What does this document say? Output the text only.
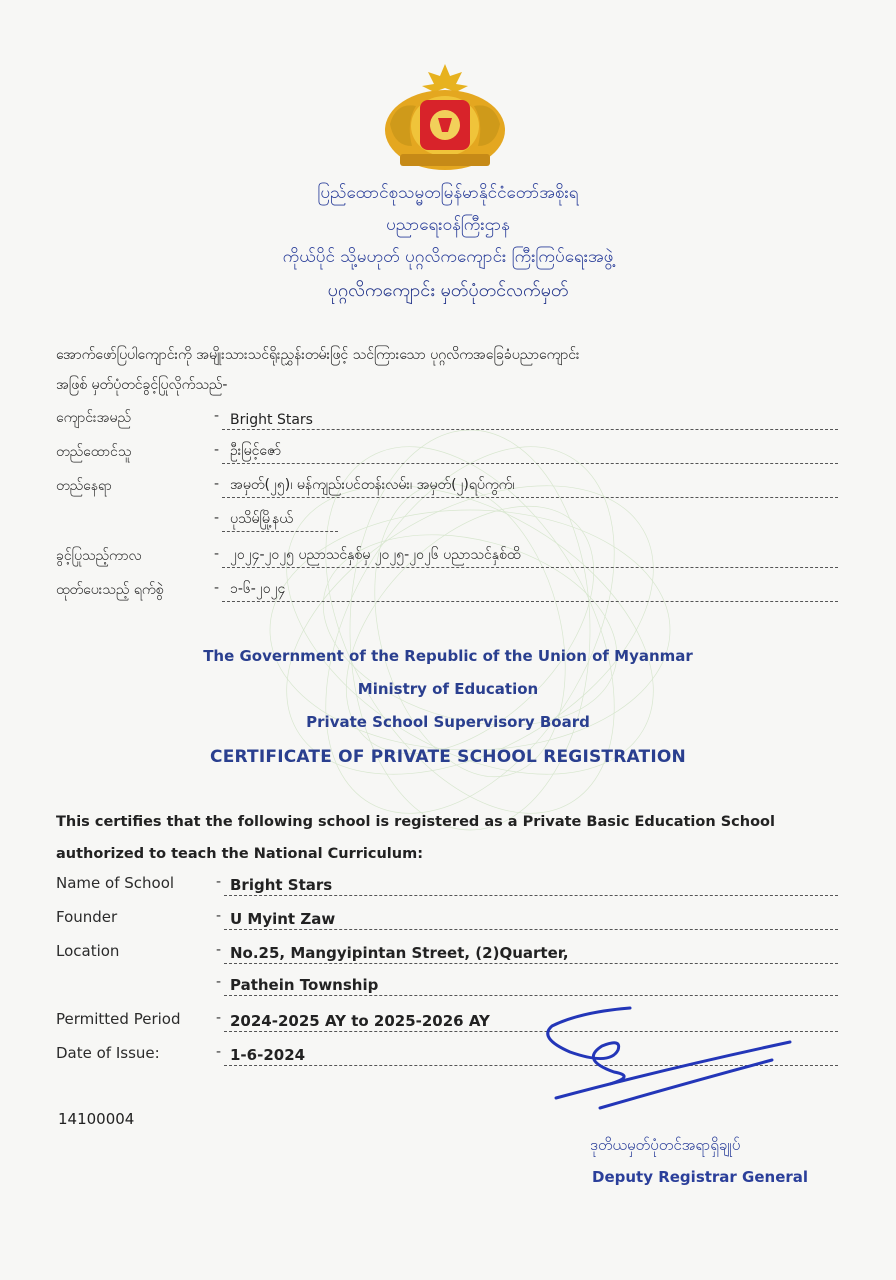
ပြည်ထောင်စုသမ္မတမြန်မာနိုင်ငံတော်အစိုးရ
ပညာရေးဝန်ကြီးဌာန
ကိုယ်ပိုင် သို့မဟုတ် ပုဂ္ဂလိကကျောင်း ကြီးကြပ်ရေးအဖွဲ့
ပုဂ္ဂလိကကျောင်း မှတ်ပုံတင်လက်မှတ်
အောက်ဖော်ပြပါကျောင်းကို အမျိုးသားသင်ရိုးညွှန်းတမ်းဖြင့် သင်ကြားသော ပုဂ္ဂလိကအခြေခံပညာကျောင်း
အဖြစ် မှတ်ပုံတင်ခွင့်ပြုလိုက်သည်-
ကျောင်းအမည်	- Bright Stars
တည်ထောင်သူ	- ဦးမြင့်ဇော်
တည်နေရာ	- အမှတ်(၂၅)၊ မန်ကျည်းပင်တန်းလမ်း၊ အမှတ်(၂)ရပ်ကွက်၊
- ပုသိမ်မြို့နယ်
ခွင့်ပြုသည့်ကာလ	- ၂၀၂၄-၂၀၂၅ ပညာသင်နှစ်မှ ၂၀၂၅-၂၀၂၆ ပညာသင်နှစ်ထိ
ထုတ်ပေးသည့် ရက်စွဲ	- ၁-၆-၂၀၂၄
The Government of the Republic of the Union of Myanmar
Ministry of Education
Private School Supervisory Board
CERTIFICATE OF PRIVATE SCHOOL REGISTRATION
This certifies that the following school is registered as a Private Basic Education School
authorized to teach the National Curriculum:
Name of School	- Bright Stars
Founder	- U Myint Zaw
Location	- No.25, Mangyipintan Street, (2)Quarter,
- Pathein Township
Permitted Period	- 2024-2025 AY to 2025-2026 AY
Date of Issue:	- 1-6-2024
14100004
ဒုတိယမှတ်ပုံတင်အရာရှိချုပ်
Deputy Registrar General
